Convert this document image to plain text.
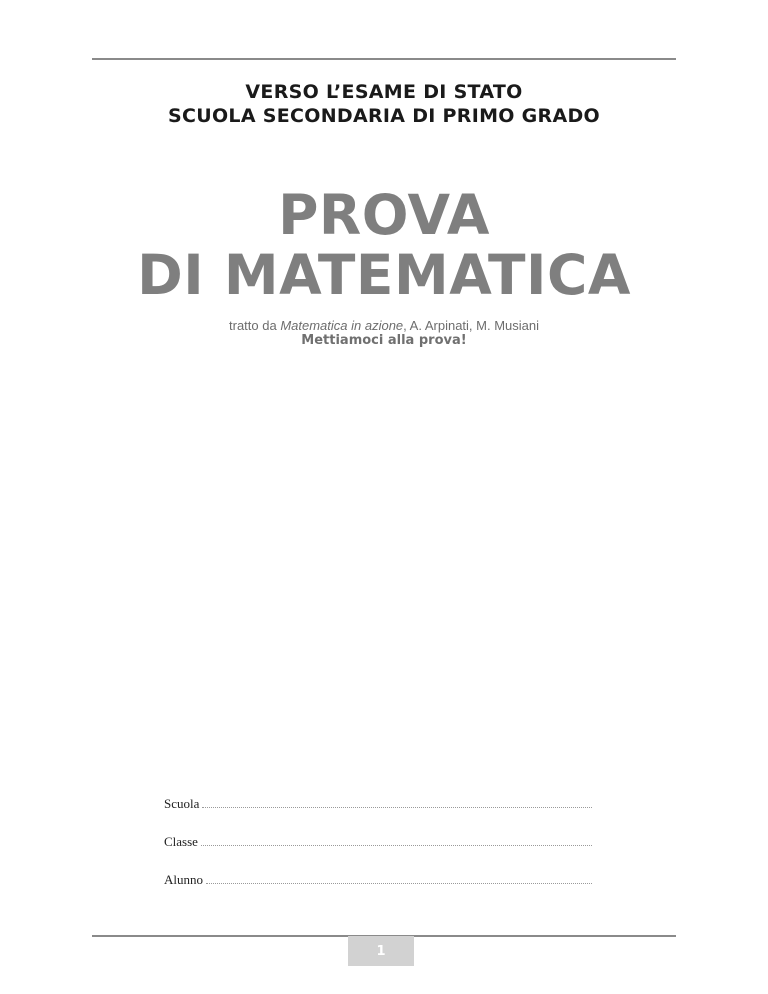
VERSO L’ESAME DI STATO
SCUOLA SECONDARIA DI PRIMO GRADO
PROVA
DI MATEMATICA
tratto da Matematica in azione, A. Arpinati, M. Musiani
Mettiamoci alla prova!
Scuola
Classe
Alunno
1
